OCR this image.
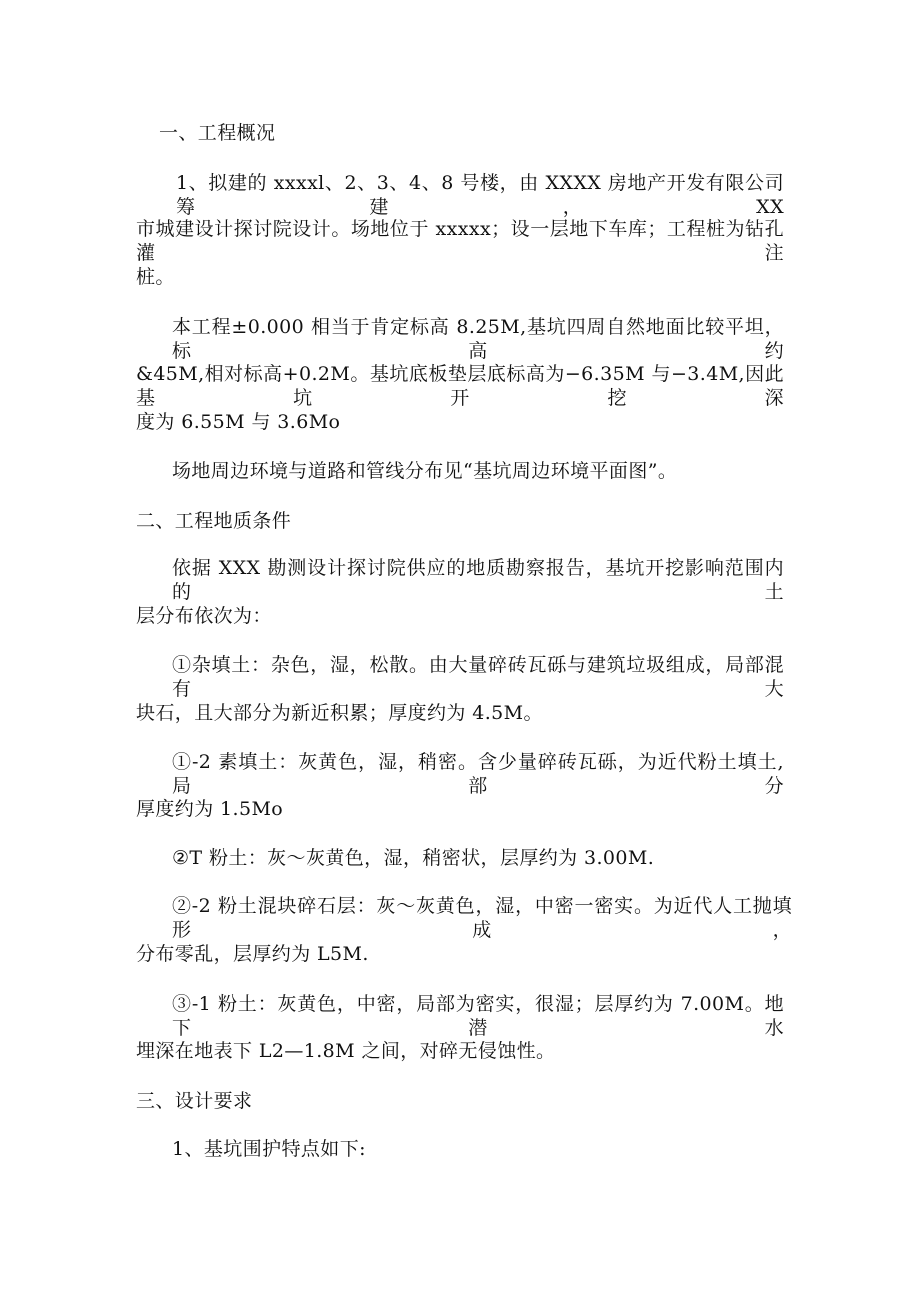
一、工程概况
1、拟建的 xxxxl、2、3、4、8 号楼，由 XXXX 房地产开发有限公司筹建，XX
市城建设计探讨院设计。场地位于 xxxxx；设一层地下车库；工程桩为钻孔灌注
桩。
本工程±0.000 相当于肯定标高 8.25M,基坑四周自然地面比较平坦，标高约
&45M,相对标高+0.2M。基坑底板垫层底标高为−6.35M 与−3.4M,因此基坑开挖深
度为 6.55M 与 3.6Mo
场地周边环境与道路和管线分布见“基坑周边环境平面图”。
二、工程地质条件
依据 XXX 勘测设计探讨院供应的地质勘察报告，基坑开挖影响范围内的土
层分布依次为：
①杂填土：杂色，湿，松散。由大量碎砖瓦砾与建筑垃圾组成，局部混有大
块石，且大部分为新近积累；厚度约为 4.5M。
①-2 素填土：灰黄色，湿，稍密。含少量碎砖瓦砾，为近代粉土填土,局部分
厚度约为 1.5Mo
②T 粉土：灰～灰黄色，湿，稍密状，层厚约为 3.00M.
②-2 粉土混块碎石层：灰～灰黄色，湿，中密一密实。为近代人工抛填形成，
分布零乱，层厚约为 L5M.
③-1 粉土：灰黄色，中密，局部为密实，很湿；层厚约为 7.00M。地下潜水
埋深在地表下 L2—1.8M 之间，对碎无侵蚀性。
三、设计要求
1、基坑围护特点如下:
